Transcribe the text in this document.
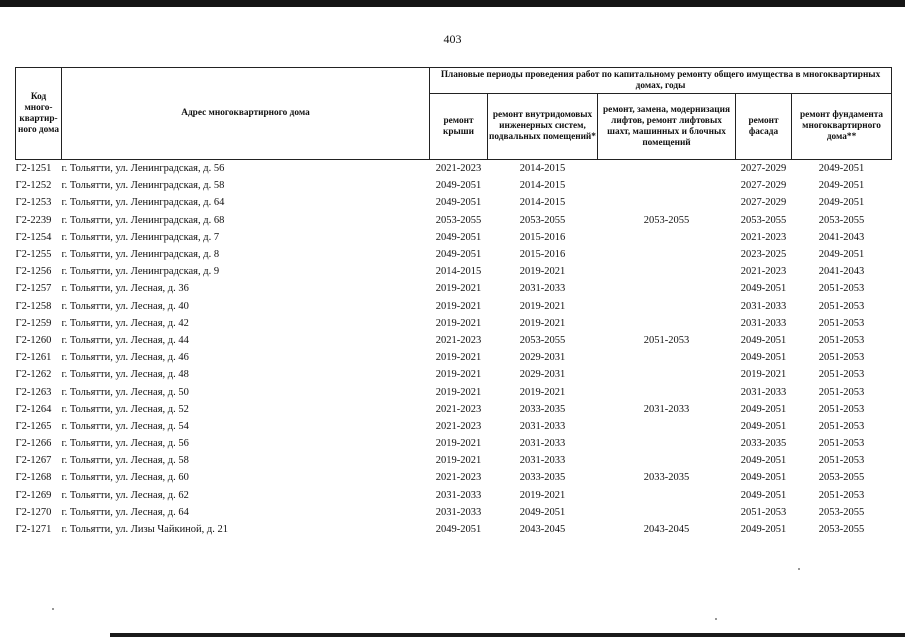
403
Код много-квартир-ного дома	Адрес многоквартирного дома	Плановые периоды проведения работ по капитальному ремонту общего имущества в многоквартирных домах, годы				
		ремонт крыши	ремонт внутридомовых инженерных систем, подвальных помещений*	ремонт, замена, модернизация лифтов, ремонт лифтовых шахт, машинных и блочных помещений	ремонт фасада	ремонт фундамента многоквартирного дома**
Г2-1251	г. Тольятти, ул. Ленинградская, д. 56	2021-2023	2014-2015		2027-2029	2049-2051
Г2-1252	г. Тольятти, ул. Ленинградская, д. 58	2049-2051	2014-2015		2027-2029	2049-2051
Г2-1253	г. Тольятти, ул. Ленинградская, д. 64	2049-2051	2014-2015		2027-2029	2049-2051
Г2-2239	г. Тольятти, ул. Ленинградская, д. 68	2053-2055	2053-2055	2053-2055	2053-2055	2053-2055
Г2-1254	г. Тольятти, ул. Ленинградская, д. 7	2049-2051	2015-2016		2021-2023	2041-2043
Г2-1255	г. Тольятти, ул. Ленинградская, д. 8	2049-2051	2015-2016		2023-2025	2049-2051
Г2-1256	г. Тольятти, ул. Ленинградская, д. 9	2014-2015	2019-2021		2021-2023	2041-2043
Г2-1257	г. Тольятти, ул. Лесная, д. 36	2019-2021	2031-2033		2049-2051	2051-2053
Г2-1258	г. Тольятти, ул. Лесная, д. 40	2019-2021	2019-2021		2031-2033	2051-2053
Г2-1259	г. Тольятти, ул. Лесная, д. 42	2019-2021	2019-2021		2031-2033	2051-2053
Г2-1260	г. Тольятти, ул. Лесная, д. 44	2021-2023	2053-2055	2051-2053	2049-2051	2051-2053
Г2-1261	г. Тольятти, ул. Лесная, д. 46	2019-2021	2029-2031		2049-2051	2051-2053
Г2-1262	г. Тольятти, ул. Лесная, д. 48	2019-2021	2029-2031		2019-2021	2051-2053
Г2-1263	г. Тольятти, ул. Лесная, д. 50	2019-2021	2019-2021		2031-2033	2051-2053
Г2-1264	г. Тольятти, ул. Лесная, д. 52	2021-2023	2033-2035	2031-2033	2049-2051	2051-2053
Г2-1265	г. Тольятти, ул. Лесная, д. 54	2021-2023	2031-2033		2049-2051	2051-2053
Г2-1266	г. Тольятти, ул. Лесная, д. 56	2019-2021	2031-2033		2033-2035	2051-2053
Г2-1267	г. Тольятти, ул. Лесная, д. 58	2019-2021	2031-2033		2049-2051	2051-2053
Г2-1268	г. Тольятти, ул. Лесная, д. 60	2021-2023	2033-2035	2033-2035	2049-2051	2053-2055
Г2-1269	г. Тольятти, ул. Лесная, д. 62	2031-2033	2019-2021		2049-2051	2051-2053
Г2-1270	г. Тольятти, ул. Лесная, д. 64	2031-2033	2049-2051		2051-2053	2053-2055
Г2-1271	г. Тольятти, ул. Лизы Чайкиной, д. 21	2049-2051	2043-2045	2043-2045	2049-2051	2053-2055
